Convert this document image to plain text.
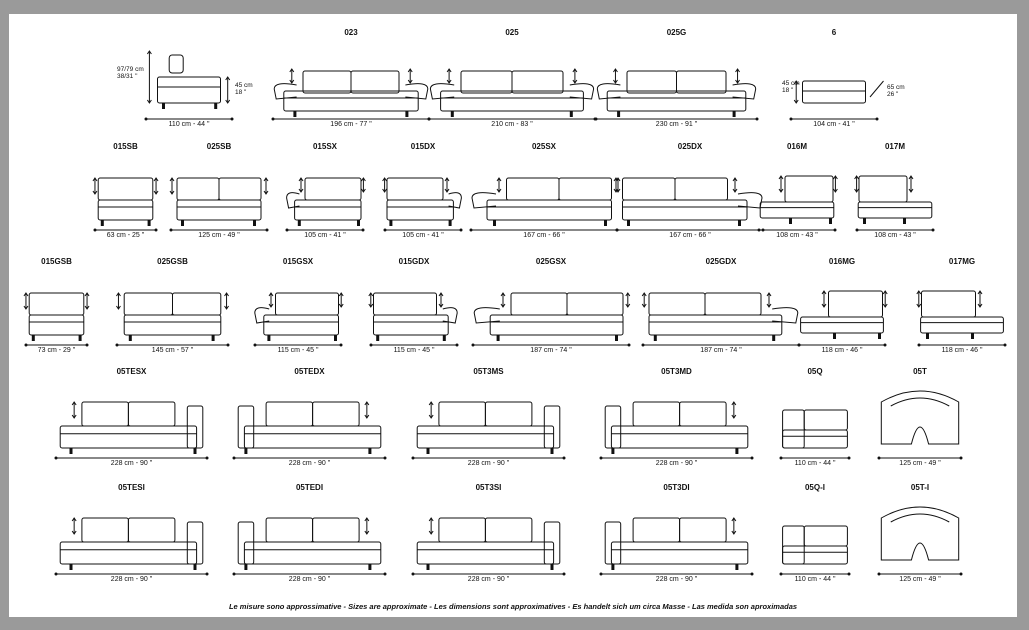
110 cm - 44 "
023
196 cm - 77 "
025
210 cm - 83 "
025G
230 cm - 91 "
6
104 cm - 41 "
015SB
63 cm - 25 "
025SB
125 cm - 49 "
015SX
105 cm - 41 "
015DX
105 cm - 41 "
025SX
167 cm - 66 "
025DX
167 cm - 66 "
016M
108 cm - 43 "
017M
108 cm - 43 "
015GSB
73 cm - 29 "
025GSB
145 cm - 57 "
015GSX
115 cm - 45 "
015GDX
115 cm - 45 "
025GSX
187 cm - 74 "
025GDX
187 cm - 74 "
016MG
118 cm - 46 "
017MG
118 cm - 46 "
05TESX
228 cm - 90 "
05TEDX
228 cm - 90 "
05T3MS
228 cm - 90 "
05T3MD
228 cm - 90 "
05Q
110 cm - 44 "
05T
125 cm - 49 "
05TESI
228 cm - 90 "
05TEDI
228 cm - 90 "
05T3SI
228 cm - 90 "
05T3DI
228 cm - 90 "
05Q-I
110 cm - 44 "
05T-I
125 cm - 49 "
97/79 cm
38/31 "
45 cm
18 "
45 cm
18 "	65 cm
26 "
Le misure sono approssimative - Sizes are approximate - Les dimensions sont approximatives - Es handelt sich um circa Masse - Las medida son aproximadas
